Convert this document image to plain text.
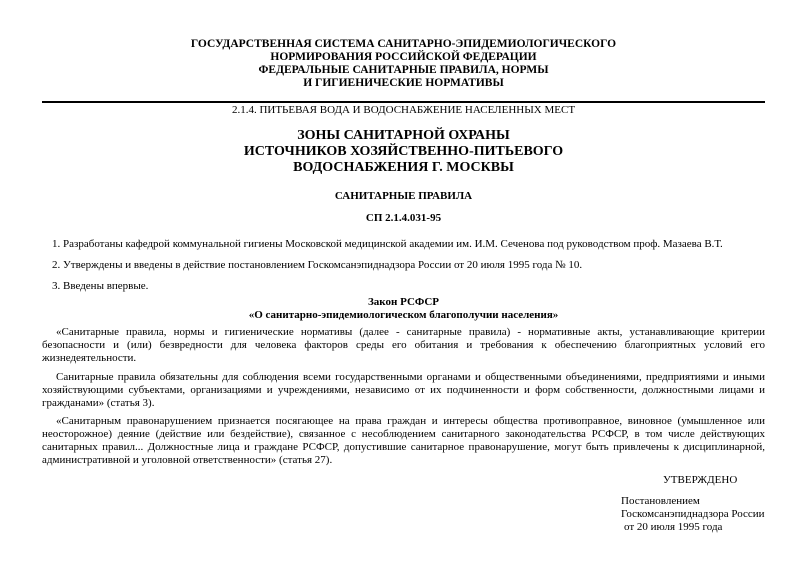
ГОСУДАРСТВЕННАЯ СИСТЕМА САНИТАРНО-ЭПИДЕМИОЛОГИЧЕСКОГО
НОРМИРОВАНИЯ РОССИЙСКОЙ ФЕДЕРАЦИИ
ФЕДЕРАЛЬНЫЕ САНИТАРНЫЕ ПРАВИЛА, НОРМЫ
И ГИГИЕНИЧЕСКИЕ НОРМАТИВЫ
2.1.4. ПИТЬЕВАЯ ВОДА И ВОДОСНАБЖЕНИЕ НАСЕЛЕННЫХ МЕСТ
ЗОНЫ САНИТАРНОЙ ОХРАНЫ
ИСТОЧНИКОВ ХОЗЯЙСТВЕННО-ПИТЬЕВОГО
ВОДОСНАБЖЕНИЯ Г. МОСКВЫ
САНИТАРНЫЕ ПРАВИЛА
СП 2.1.4.031-95
1. Разработаны кафедрой коммунальной гигиены Московской медицинской академии им. И.М. Сеченова под руководством проф. Мазаева В.Т.
2. Утверждены и введены в действие постановлением Госкомсанэпиднадзора России от 20 июля 1995 года № 10.
3. Введены впервые.
Закон РСФСР
«О санитарно-эпидемиологическом благополучии населения»
«Санитарные правила, нормы и гигиенические нормативы (далее - санитарные правила) - нормативные акты, устанавливающие критерии безопасности и (или) безвредности для человека факторов среды его обитания и требования к обеспечению благоприятных условий его жизнедеятельности.
Санитарные правила обязательны для соблюдения всеми государственными органами и общественными объединениями, предприятиями и иными хозяйствующими субъектами, организациями и учреждениями, независимо от их подчиненности и форм собственности, должностными лицами и гражданами» (статья 3).
«Санитарным правонарушением признается посягающее на права граждан и интересы общества противоправное, виновное (умышленное или неосторожное) деяние (действие или бездействие), связанное с несоблюдением санитарного законодательства РСФСР, в том числе действующих санитарных правил... Должностные лица и граждане РСФСР, допустившие санитарное правонарушение, могут быть привлечены к дисциплинарной, административной и уголовной ответственности» (статья 27).
УТВЕРЖДЕНО
Постановлением
Госкомсанэпиднадзора России
от 20 июля 1995 года
